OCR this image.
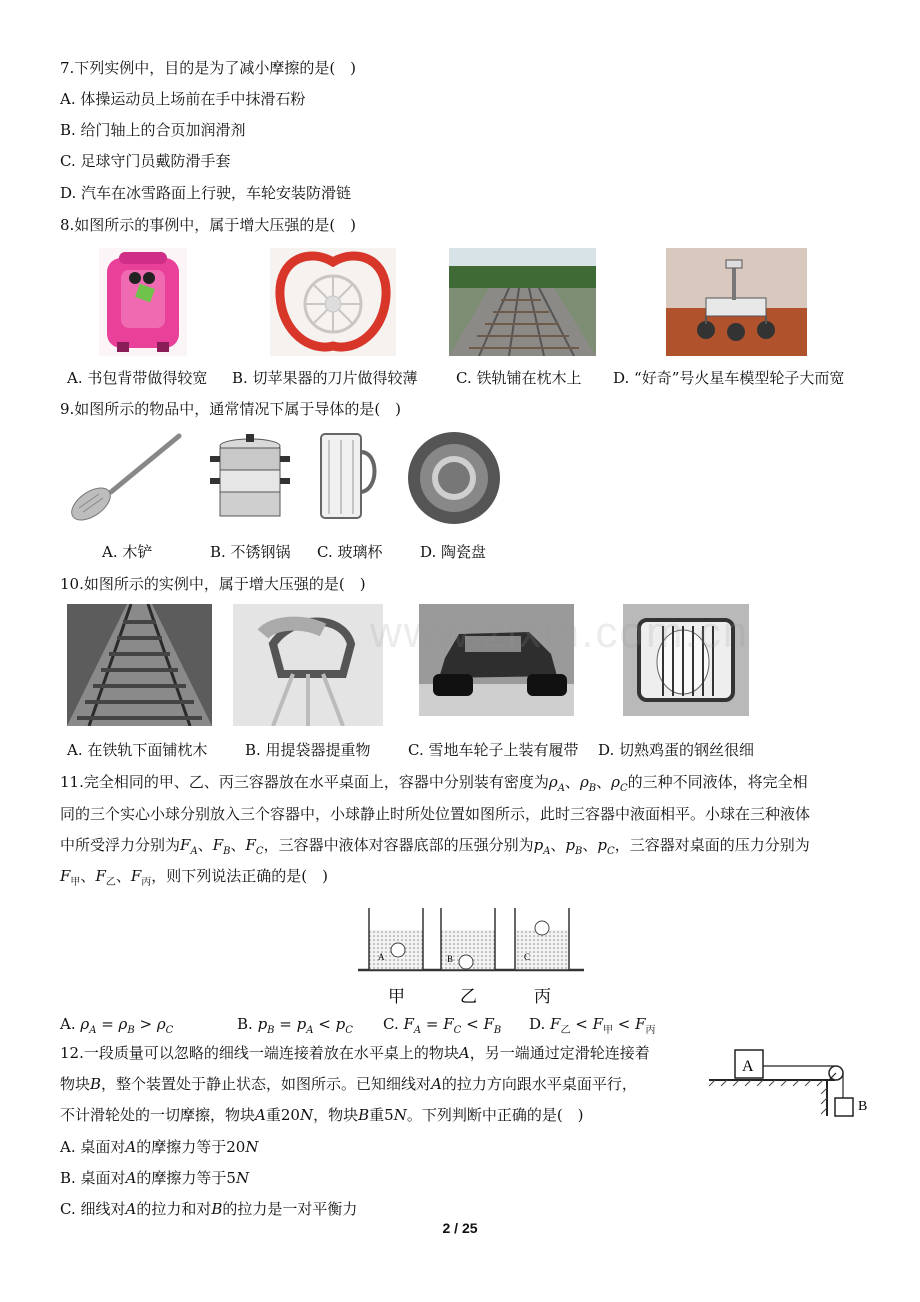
7.下列实例中，目的是为了减小摩擦的是(　)
A. 体操运动员上场前在手中抹滑石粉
B. 给门轴上的合页加润滑剂
C. 足球守门员戴防滑手套
D. 汽车在冰雪路面上行驶，车轮安装防滑链
8.如图所示的事例中，属于增大压强的是(　)
A. 书包背带做得较宽 B. 切苹果器的刀片做得较薄	C. 铁轨铺在枕木上 D. “好奇”号火星车模型轮子大而宽
9.如图所示的物品中，通常情况下属于导体的是(　)
A. 木铲	B. 不锈钢锅 C. 玻璃杯	D. 陶瓷盘
10.如图所示的实例中，属于增大压强的是(　)
www.zixin.com.cn
A. 在铁轨下面铺枕木	B. 用提袋器提重物 C. 雪地车轮子上装有履带 D. 切熟鸡蛋的钢丝很细
11.完全相同的甲、乙、丙三容器放在水平桌面上，容器中分别装有密度为$\rho_A$、$\rho_B$、$\rho_C$的三种不同液体，将完全相
同的三个实心小球分别放入三个容器中，小球静止时所处位置如图所示，此时三容器中液面相平。小球在三种液体
中所受浮力分别为$F_A$、$F_B$、$F_C$，三容器中液体对容器底部的压强分别为$p_A$、$p_B$、$p_C$，三容器对桌面的压力分别为
$F_甲$、$F_乙$、$F_丙$，则下列说法正确的是(　)
A	B	C
甲	乙	丙
A. $\rho_A = \rho_B > \rho_C$	B. $p_B = p_A < p_C$ C. $F_A = F_C < F_B$ D. $F_乙 < F_甲 < F_丙$
12.一段质量可以忽略的细线一端连接着放在水平桌上的物块A，另一端通过定滑轮连接着
物块B，整个装置处于静止状态，如图所示。已知细线对A的拉力方向跟水平桌面平行，
不计滑轮处的一切摩擦，物块A重20N，物块B重5N。下列判断中正确的是(　)
A. 桌面对A的摩擦力等于20N
B. 桌面对A的摩擦力等于5N
C. 细线对A的拉力和对B的拉力是一对平衡力
A
B
2 / 25
